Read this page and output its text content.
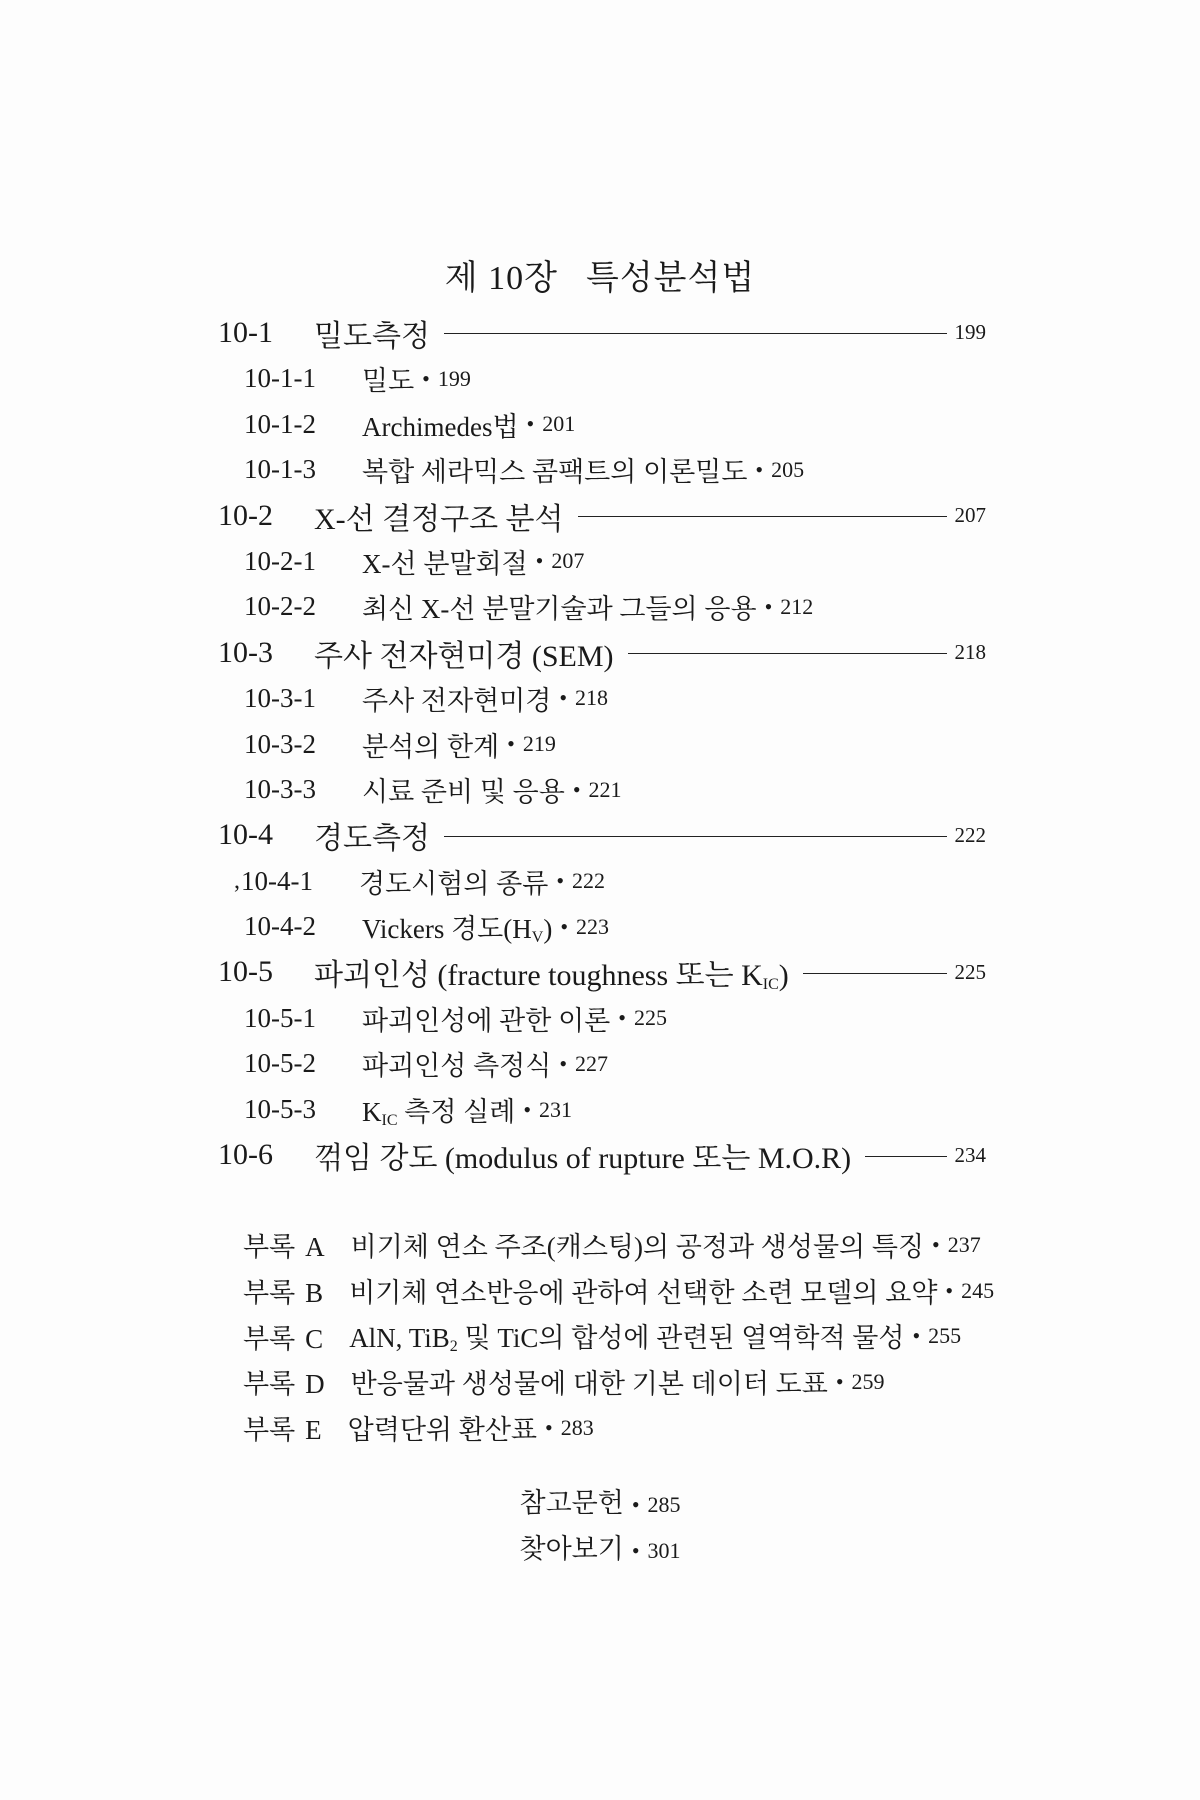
제 10장 특성분석법
10-1	밀도측정	199
10-1-1	밀도 • 199
10-1-2	Archimedes법 • 201
10-1-3	복합 세라믹스 콤팩트의 이론밀도 • 205
10-2	X-선 결정구조 분석	207
10-2-1	X-선 분말회절 • 207
10-2-2	최신 X-선 분말기술과 그들의 응용 • 212
10-3	주사 전자현미경 (SEM)	218
10-3-1	주사 전자현미경 • 218
10-3-2	분석의 한계 • 219
10-3-3	시료 준비 및 응용 • 221
10-4	경도측정	222
, 10-4-1	경도시험의 종류 • 222
10-4-2	Vickers 경도$(H_V)$ • 223
10-5	파괴인성 (fracture toughness 또는 $K_{IC}$)	225
10-5-1	파괴인성에 관한 이론 • 225
10-5-2	파괴인성 측정식 • 227
10-5-3	$K_{IC}$ 측정 실례 • 231
10-6	꺾임 강도 (modulus of rupture 또는 M.O.R)	234
부록 A 비기체 연소 주조(캐스팅)의 공정과 생성물의 특징 • 237
부록 B 비기체 연소반응에 관하여 선택한 소련 모델의 요약 • 245
부록 C AlN, TiB$_2$ 및 TiC의 합성에 관련된 열역학적 물성 • 255
부록 D 반응물과 생성물에 대한 기본 데이터 도표 • 259
부록 E 압력단위 환산표 • 283
참고문헌 • 285
찾아보기 • 301
